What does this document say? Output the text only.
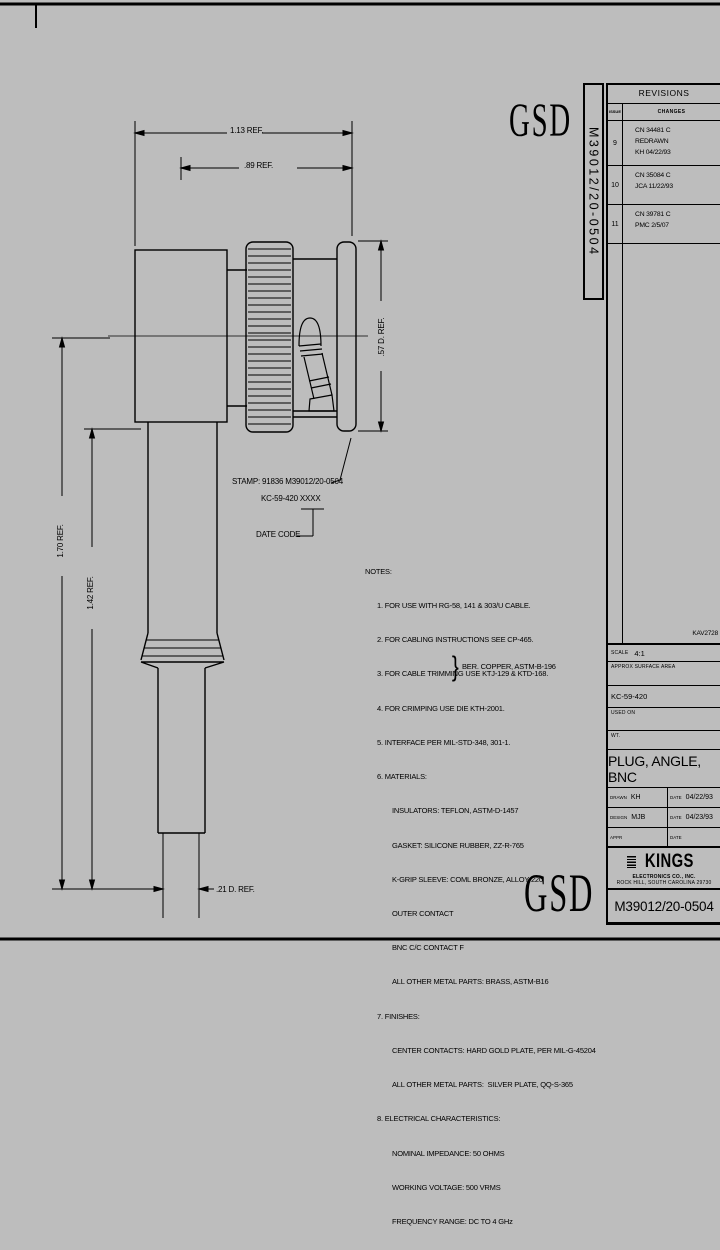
1.13 REF.
.89 REF.
.57 D. REF.
1.70 REF.
1.42 REF.
.21 D. REF.
STAMP: 91836 M39012/20-0504
KC-59-420 XXXX
DATE CODE

NOTES:

1. FOR USE WITH RG-58, 141 & 303/U CABLE.

2. FOR CABLING INSTRUCTIONS SEE CP-465.

3. FOR CABLE TRIMMING USE KTJ-129 & KTD-168.

4. FOR CRIMPING USE DIE KTH-2001.

5. INTERFACE PER MIL-STD-348, 301-1.

6. MATERIALS:

INSULATORS: TEFLON, ASTM-D-1457

GASKET: SILICONE RUBBER, ZZ-R-765

K-GRIP SLEEVE: COML BRONZE, ALLOY 220

OUTER CONTACT

BNC C/C CONTACT F

ALL OTHER METAL PARTS: BRASS, ASTM-B16

7. FINISHES:

CENTER CONTACTS: HARD GOLD PLATE, PER MIL-G-45204

ALL OTHER METAL PARTS:  SILVER PLATE, QQ-S-365

8. ELECTRICAL CHARACTERISTICS:

NOMINAL IMPEDANCE: 50 OHMS

WORKING VOLTAGE: 500 VRMS

FREQUENCY RANGE: DC TO 4 GHz

} BER. COPPER, ASTM-B-196
GSD
GSD
M39012/20-0504
REVISIONS
ISSUE	CHANGES
9
CN 34481 C
REDRAWN
KH 04/22/93
10
CN 35084 C
JCA 11/22/93
11
CN 39781 C
PMC 2/5/07
KAV2728
SCALE 4:1
APPROX SURFACE AREA
KC-59-420
USED ON
WT.
PLUG, ANGLE, BNC
DRAWN KH	DATE 04/22/93
DESIGN MJB	DATE 04/23/93
APPR	DATE
KINGS
ELECTRONICS CO., INC.
ROCK HILL, SOUTH CAROLINA 29730
M39012/20-0504
